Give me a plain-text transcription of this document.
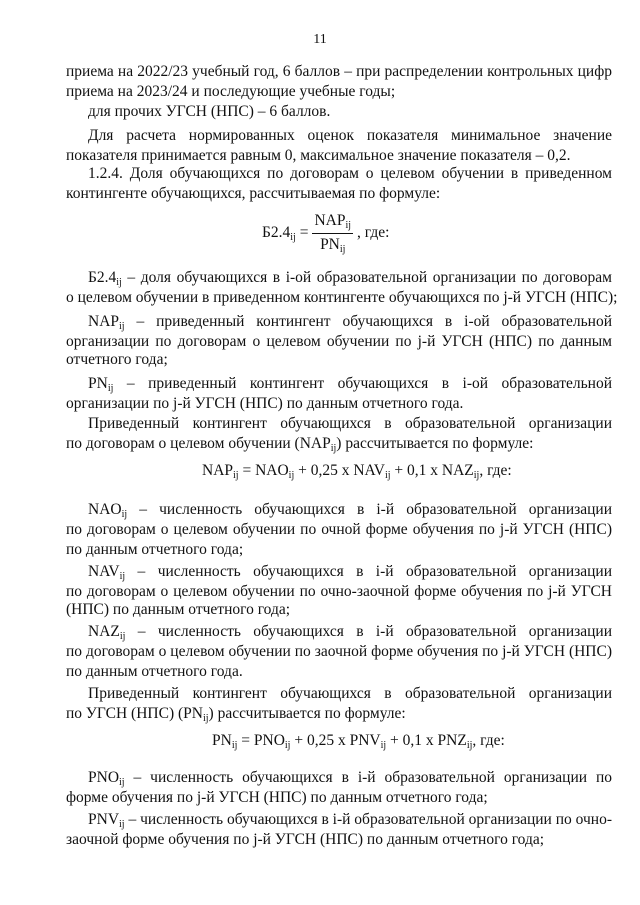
11
приема на 2022/23 учебный год, 6 баллов – при распределении контрольных цифр
приема на 2023/24 и последующие учебные годы;
для прочих УГСН (НПС) – 6 баллов.
Для расчета нормированных оценок показателя минимальное значение
показателя принимается равным 0, максимальное значение показателя – 0,2.
1.2.4. Доля обучающихся по договорам о целевом обучении в приведенном
контингенте обучающихся, рассчитываемая по формуле:
$Б2.4_{ij} = \frac{NAP_{ij}}{PN_{ij}}$ , где:
$Б2.4_{ij}$ – доля обучающихся в i-ой образовательной организации по договорам
о целевом обучении в приведенном контингенте обучающихся по j-й УГСН (НПС);
$NAP_{ij}$ – приведенный контингент обучающихся в i-ой образовательной
организации по договорам о целевом обучении по j-й УГСН (НПС) по данным
отчетного года;
$PN_{ij}$ – приведенный контингент обучающихся в i-ой образовательной
организации по j-й УГСН (НПС) по данным отчетного года.
Приведенный контингент обучающихся в образовательной организации
по договорам о целевом обучении $(NAP_{ij})$ рассчитывается по формуле:
$NAP_{ij} = NAO_{ij} + 0,25$ x $NAV_{ij} + 0,1$ x $NAZ_{ij}$, где:
$NAO_{ij}$ – численность обучающихся в i-й образовательной организации
по договорам о целевом обучении по очной форме обучения по j-й УГСН (НПС)
по данным отчетного года;
$NAV_{ij}$ – численность обучающихся в i-й образовательной организации
по договорам о целевом обучении по очно-заочной форме обучения по j-й УГСН
(НПС) по данным отчетного года;
$NAZ_{ij}$ – численность обучающихся в i-й образовательной организации
по договорам о целевом обучении по заочной форме обучения по j-й УГСН (НПС)
по данным отчетного года.
Приведенный контингент обучающихся в образовательной организации
по УГСН (НПС) $(PN_{ij})$ рассчитывается по формуле:
$PN_{ij} = PNO_{ij} + 0,25$ x $PNV_{ij} + 0,1$ x $PNZ_{ij}$, где:
$PNO_{ij}$ – численность обучающихся в i-й образовательной организации по
форме обучения по j-й УГСН (НПС) по данным отчетного года;
$PNV_{ij}$ – численность обучающихся в i-й образовательной организации по очно-
заочной форме обучения по j-й УГСН (НПС) по данным отчетного года;
